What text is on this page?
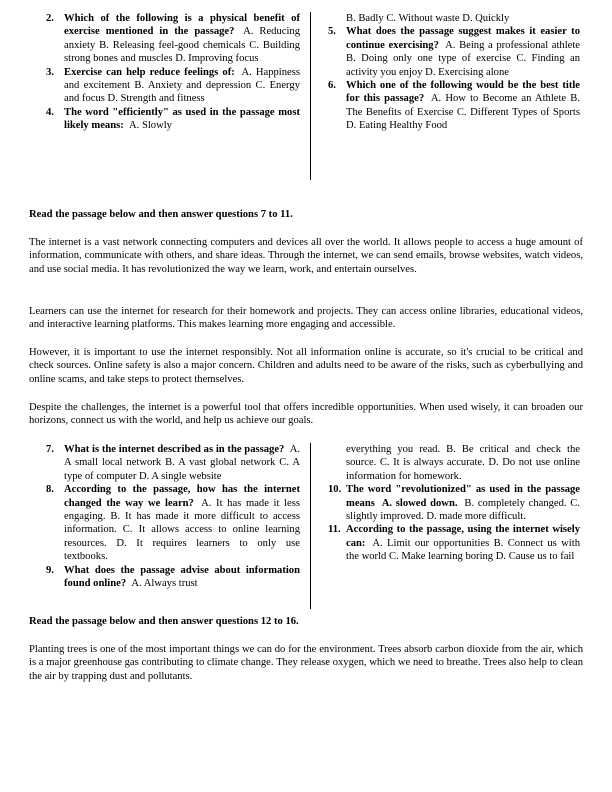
2. Which of the following is a physical benefit of exercise mentioned in the passage? A. Reducing anxiety B. Releasing feel-good chemicals C. Building strong bones and muscles D. Improving focus
3. Exercise can help reduce feelings of: A. Happiness and excitement B. Anxiety and depression C. Energy and focus D. Strength and fitness
4. The word "efficiently" as used in the passage most likely means: A. Slowly
B. Badly C. Without waste D. Quickly
5. What does the passage suggest makes it easier to continue exercising? A. Being a professional athlete B. Doing only one type of exercise C. Finding an activity you enjoy D. Exercising alone
6. Which one of the following would be the best title for this passage? A. How to Become an Athlete B. The Benefits of Exercise C. Different Types of Sports D. Eating Healthy Food
Read the passage below and then answer questions 7 to 11.
The internet is a vast network connecting computers and devices all over the world. It allows people to access a huge amount of information, communicate with others, and share ideas. Through the internet, we can send emails, browse websites, watch videos, and use social media. It has revolutionized the way we learn, work, and entertain ourselves.
Learners can use the internet for research for their homework and projects. They can access online libraries, educational videos, and interactive learning platforms. This makes learning more engaging and accessible.
However, it is important to use the internet responsibly. Not all information online is accurate, so it's crucial to be critical and check sources. Online safety is also a major concern. Children and adults need to be aware of the risks, such as cyberbullying and online scams, and take steps to protect themselves.
Despite the challenges, the internet is a powerful tool that offers incredible opportunities. When used wisely, it can broaden our horizons, connect us with the world, and help us achieve our goals.
7. What is the internet described as in the passage? A. A small local network B. A vast global network C. A type of computer D. A single website
8. According to the passage, how has the internet changed the way we learn? A. It has made it less engaging. B. It has made it more difficult to access information. C. It allows access to online learning resources. D. It requires learners to only use textbooks.
9. What does the passage advise about information found online? A. Always trust
everything you read. B. Be critical and check the source. C. It is always accurate. D. Do not use online information for homework.
10. The word "revolutionized" as used in the passage means A. slowed down. B. completely changed. C. slightly improved. D. made more difficult.
11. According to the passage, using the internet wisely can: A. Limit our opportunities B. Connect us with the world C. Make learning boring D. Cause us to fail
Read the passage below and then answer questions 12 to 16.
Planting trees is one of the most important things we can do for the environment. Trees absorb carbon dioxide from the air, which is a major greenhouse gas contributing to climate change. They release oxygen, which we need to breathe. Trees also help to clean the air by trapping dust and pollutants.
